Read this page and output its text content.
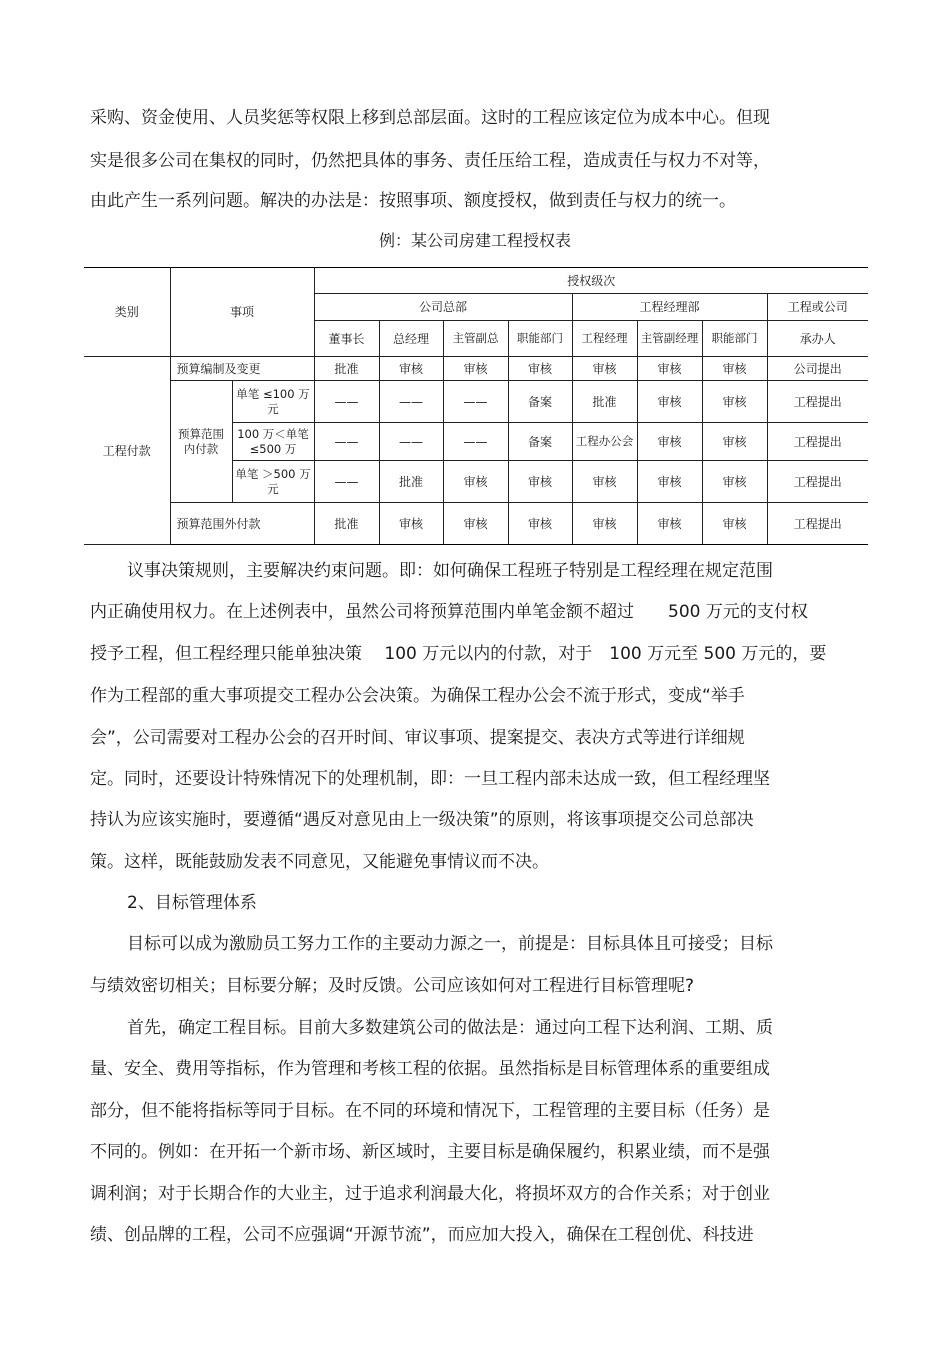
采购、资金使用、人员奖惩等权限上移到总部层面。这时的工程应该定位为成本中心。但现
实是很多公司在集权的同时，仍然把具体的事务、责任压给工程，造成责任与权力不对等，
由此产生一系列问题。解决的办法是：按照事项、额度授权，做到责任与权力的统一。
例：某公司房建工程授权表
类别	事项		授权级次							
			公司总部				工程经理部			工程或公司
			董事长	总经理	主管副总	职能部门	工程经理	主管副经理	职能部门	承办人
工程付款	预算编制及变更		批准	审核	审核	审核	审核	审核	审核	公司提出
	预算范围内付款	单笔 ≤100 万元	——	——	——	备案	批准	审核	审核	工程提出
		100 万＜单笔≤500 万	——	——	——	备案	工程办公会	审核	审核	工程提出
		单笔 ＞500 万元	——	批准	审核	审核	审核	审核	审核	工程提出
	预算范围外付款		批准	审核	审核	审核	审核	审核	审核	工程提出
议事决策规则，主要解决约束问题。即：如何确保工程班子特别是工程经理在规定范围
内正确使用权力。在上述例表中，虽然公司将预算范围内单笔金额不超过　　500 万元的支付权
授予工程，但工程经理只能单独决策　 100 万元以内的付款，对于　100 万元至 500 万元的，要
作为工程部的重大事项提交工程办公会决策。为确保工程办公会不流于形式，变成“举手
会”，公司需要对工程办公会的召开时间、审议事项、提案提交、表决方式等进行详细规
定。同时，还要设计特殊情况下的处理机制，即：一旦工程内部未达成一致，但工程经理坚
持认为应该实施时，要遵循“遇反对意见由上一级决策”的原则，将该事项提交公司总部决
策。这样，既能鼓励发表不同意见，又能避免事情议而不决。
2、目标管理体系
目标可以成为激励员工努力工作的主要动力源之一，前提是：目标具体且可接受；目标
与绩效密切相关；目标要分解；及时反馈。公司应该如何对工程进行目标管理呢?
首先，确定工程目标。目前大多数建筑公司的做法是：通过向工程下达利润、工期、质
量、安全、费用等指标，作为管理和考核工程的依据。虽然指标是目标管理体系的重要组成
部分，但不能将指标等同于目标。在不同的环境和情况下，工程管理的主要目标（任务）是
不同的。例如：在开拓一个新市场、新区域时，主要目标是确保履约，积累业绩，而不是强
调利润；对于长期合作的大业主，过于追求利润最大化，将损坏双方的合作关系；对于创业
绩、创品牌的工程，公司不应强调“开源节流”，而应加大投入，确保在工程创优、科技进
